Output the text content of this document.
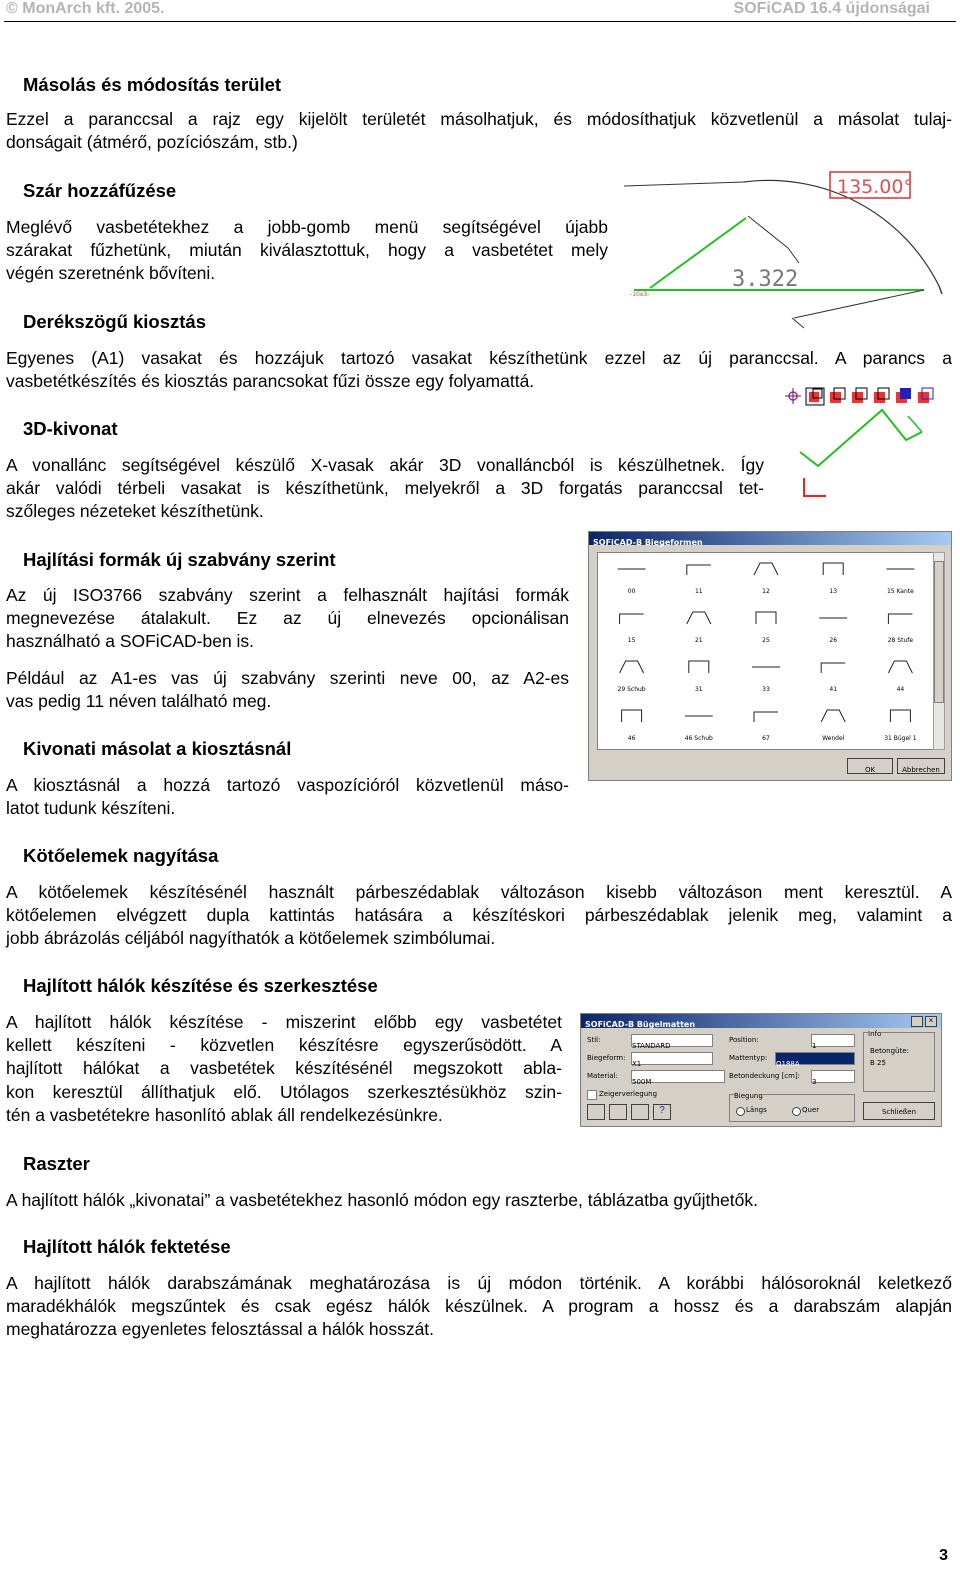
© MonArch kft. 2005.	SOFiCAD 16.4 újdonságai
Másolás és módosítás terület
Ezzel a paranccsal a rajz egy kijelölt területét másolhatjuk, és módosíthatjuk közvetlenül a másolat tulaj-
donságait (átmérő, pozíciószám, stb.)
Szár hozzáfűzése
Meglévő vasbetétekhez a jobb-gomb menü segítségével újabb
szárakat fűzhetünk, miután kiválasztottuk, hogy a vasbetétet mely
végén szeretnénk bővíteni.
135.00°
3.322
-10x3-
Derékszögű kiosztás
Egyenes (A1) vasakat és hozzájuk tartozó vasakat készíthetünk ezzel az új paranccsal. A parancs a
vasbetétkészítés és kiosztás parancsokat fűzi össze egy folyamattá.
3D-kivonat
A vonallánc segítségével készülő X-vasak akár 3D vonalláncból is készülhetnek. Így
akár valódi térbeli vasakat is készíthetünk, melyekről a 3D forgatás paranccsal tet-
szőleges nézeteket készíthetünk.
Hajlítási formák új szabvány szerint
Az új ISO3766 szabvány szerint a felhasznált hajítási formák
megnevezése átalakult. Ez az új elnevezés opcionálisan
használható a SOFiCAD-ben is.
Például az A1-es vas új szabvány szerinti neve 00, az A2-es
vas pedig 11 néven található meg.
SOFiCAD-B Biegeformen
00	11	12	13	15 Kante
15	21	25	26	28 Stufe
29 Schub	31	33	41	44
46	46 Schub	67	Wendel	31 Bügel 1
OK	Abbrechen
Kivonati másolat a kiosztásnál
A kiosztásnál a hozzá tartozó vaspozícióról közvetlenül máso-
latot tudunk készíteni.
Kötőelemek nagyítása
A kötőelemek készítésénél használt párbeszédablak változáson kisebb változáson ment keresztül. A
kötőelemen elvégzett dupla kattintás hatására a készítéskori párbeszédablak jelenik meg, valamint a
jobb ábrázolás céljából nagyíthatók a kötőelemek szimbólumai.
Hajlított hálók készítése és szerkesztése
A hajlított hálók készítése - miszerint előbb egy vasbetétet
kellett készíteni - közvetlen készítésre egyszerűsödött. A
hajlított hálókat a vasbetétek készítésénél megszokott abla-
kon keresztül állíthatjuk elő. Utólagos szerkesztésükhöz szin-
tén a vasbetétekre hasonlító ablak áll rendelkezésünkre.
SOFiCAD-B Bügelmatten	×
Stil:
STANDARD
Biegeform:
X1
Material:
500M
Position:
1
Mattentyp:
Q188A
Betondeckung [cm]:
3
Zeigerverlegung
?
Biegung
Längs	Quer
Info
Betongüte:
B 25
Schließen
Raszter
A hajlított hálók „kivonatai” a vasbetétekhez hasonló módon egy raszterbe, táblázatba gyűjthetők.
Hajlított hálók fektetése
A hajlított hálók darabszámának meghatározása is új módon történik. A korábbi hálósoroknál keletkező
maradékhálók megszűntek és csak egész hálók készülnek. A program a hossz és a darabszám alapján
meghatározza egyenletes felosztással a hálók hosszát.
3
